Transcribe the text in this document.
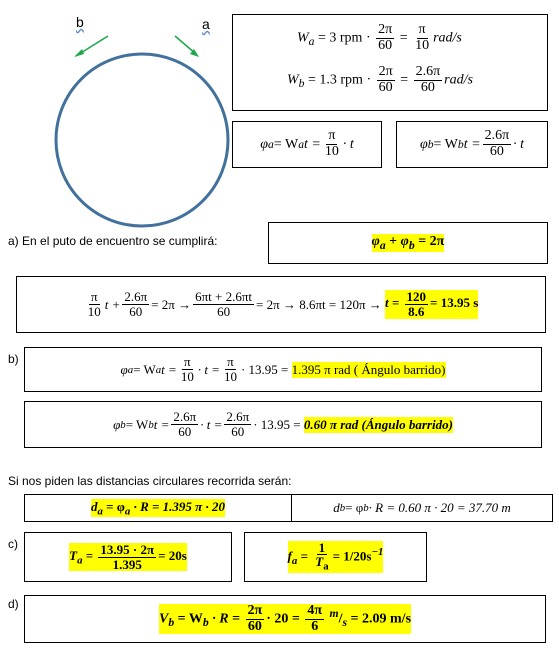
b	a
$W_a = 3$ rpm · $\frac{2\pi}{60} = \frac{\pi}{10} rad/s$
$W_b = 1.3$ rpm · $\frac{2\pi}{60} = \frac{2.6\pi}{60} rad/s$
φ a = W a $t = \frac{\pi}{10} \cdot t$	φ b = W b $t = \frac{2.6\pi}{60} \cdot t$
a) En el puto de encuentro se cumplirá:	$\varphi_a + \varphi_b = 2\pi$
$\frac{\pi}{10}$ $t + \frac{2.6\pi}{60} = 2\pi \to \frac{6\pi t + 2.6\pi t}{60} = 2\pi \to 8.6\pi t = 120\pi$ →
$t = \frac{120}{8.6} = 13.95$ s
b)
φ a = W a $t = \frac{\pi}{10} \cdot t = \frac{\pi}{10} \cdot 13.95$ =
1.395 π rad ( Ángulo barrido)
φ b = W b $t = \frac{2.6\pi}{60} \cdot t = \frac{2.6\pi}{60} \cdot 13.95$ =
0.60 π rad (Ángulo barrido)
Si nos piden las distancias circulares recorrida serán:
$d_a = \varphi_a \cdot R = 1.395$ π · 20	d b = φ b · R = 0.60 π · 20 = 37.70 m
c)
$T_a = \frac{13.95 \cdot 2\pi}{1.395} = 20s$	$f_a = \frac{1}{T_a} = 1/20s^{-1}$
d)
$V_b = W_b \cdot R = \frac{2\pi}{60} \cdot 20 = \frac{4\pi}{6} ^m/_s = 2.09$ m/s
